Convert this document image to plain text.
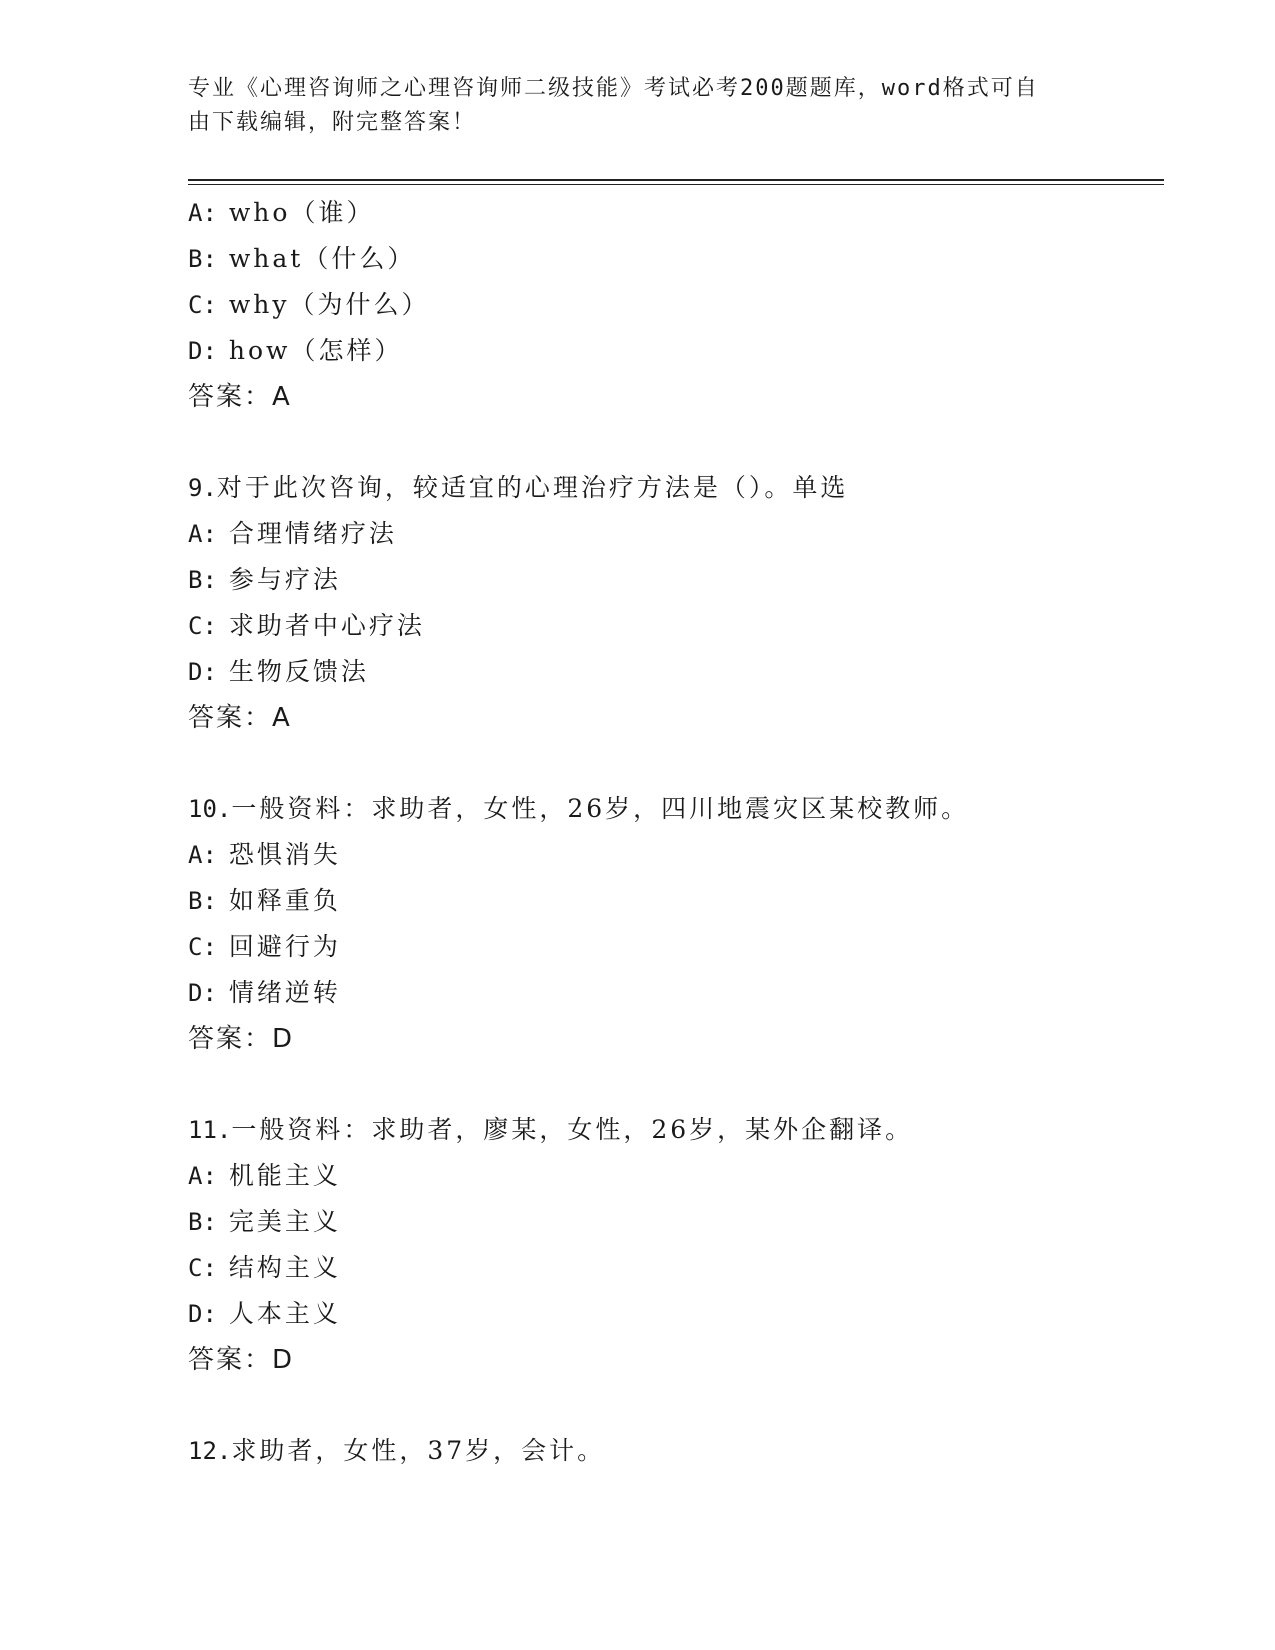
专业《心理咨询师之心理咨询师二级技能》考试必考200题题库，word格式可自
由下载编辑，附完整答案！
A: who（谁）
B: what（什么）
C: why（为什么）
D: how（怎样）
答案：A
9.对于此次咨询，较适宜的心理治疗方法是（）。单选
A: 合理情绪疗法
B: 参与疗法
C: 求助者中心疗法
D: 生物反馈法
答案：A
10.一般资料：求助者，女性，26岁，四川地震灾区某校教师。
A: 恐惧消失
B: 如释重负
C: 回避行为
D: 情绪逆转
答案：D
11.一般资料：求助者，廖某，女性，26岁，某外企翻译。
A: 机能主义
B: 完美主义
C: 结构主义
D: 人本主义
答案：D
12.求助者，女性，37岁，会计。
